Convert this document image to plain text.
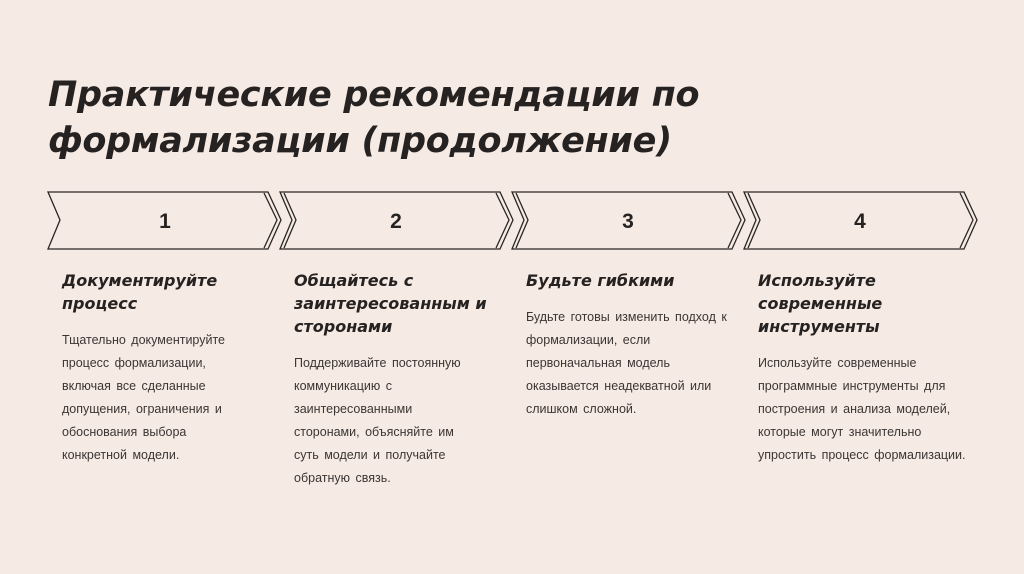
Практические рекомендации по формализации (продолжение)
1	2	3	4
Документируйте процесс

Тщательно документируйте процесс формализации, включая все сделанные допущения, ограничения и обоснования выбора конкретной модели.

Общайтесь с заинтересованным и сторонами

Поддерживайте постоянную коммуникацию с заинтересованными сторонами, объясняйте им суть модели и получайте обратную связь.

Будьте гибкими

Будьте готовы изменить подход к формализации, если первоначальная модель оказывается неадекватной или слишком сложной.

Используйте современные инструменты

Используйте современные программные инструменты для построения и анализа моделей, которые могут значительно упростить процесс формализации.
